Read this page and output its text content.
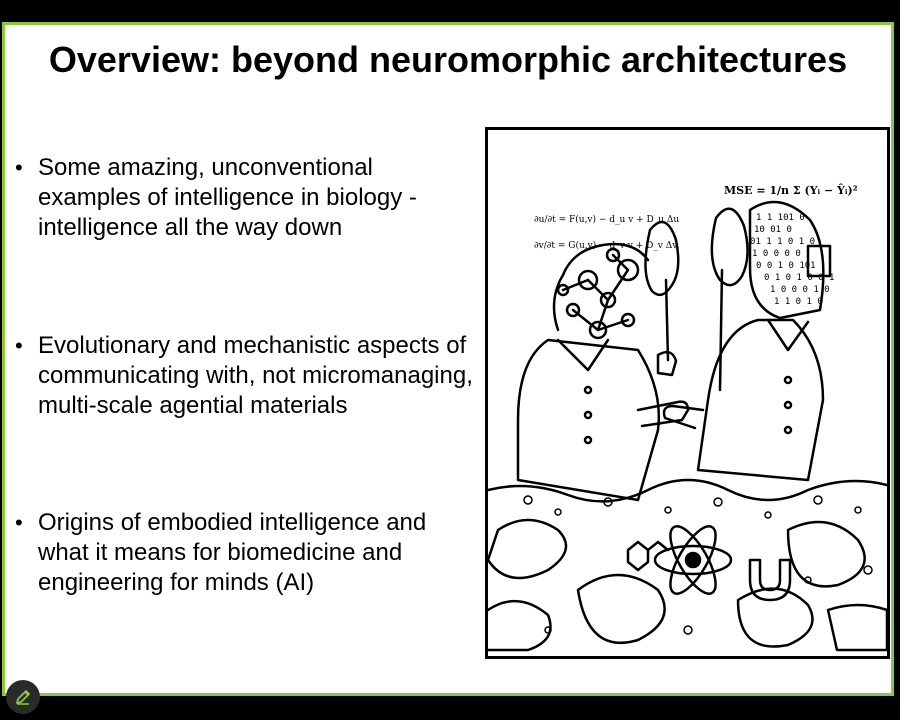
Overview: beyond neuromorphic architectures
• Some amazing, unconventional examples of intelligence in biology - intelligence all the way down
• Evolutionary and mechanistic aspects of communicating with, not micromanaging, multi-scale agential materials
• Origins of embodied intelligence and what it means for biomedicine and engineering for minds (AI)
∂u/∂t = F(u,v) − d_u v + D_u Δu
∂v/∂t = G(u,v) − d_v v + D_v Δv
MSE = 1/n Σ (Yᵢ − Ŷᵢ)²
1 1 101 0
10 01 0
01 1 1 0 1 0
1 0 0 0 0
0 0 1 0 101
0 1 0 1 0 0 1
1 0 0 0 1 0
1 1 0 1 0
